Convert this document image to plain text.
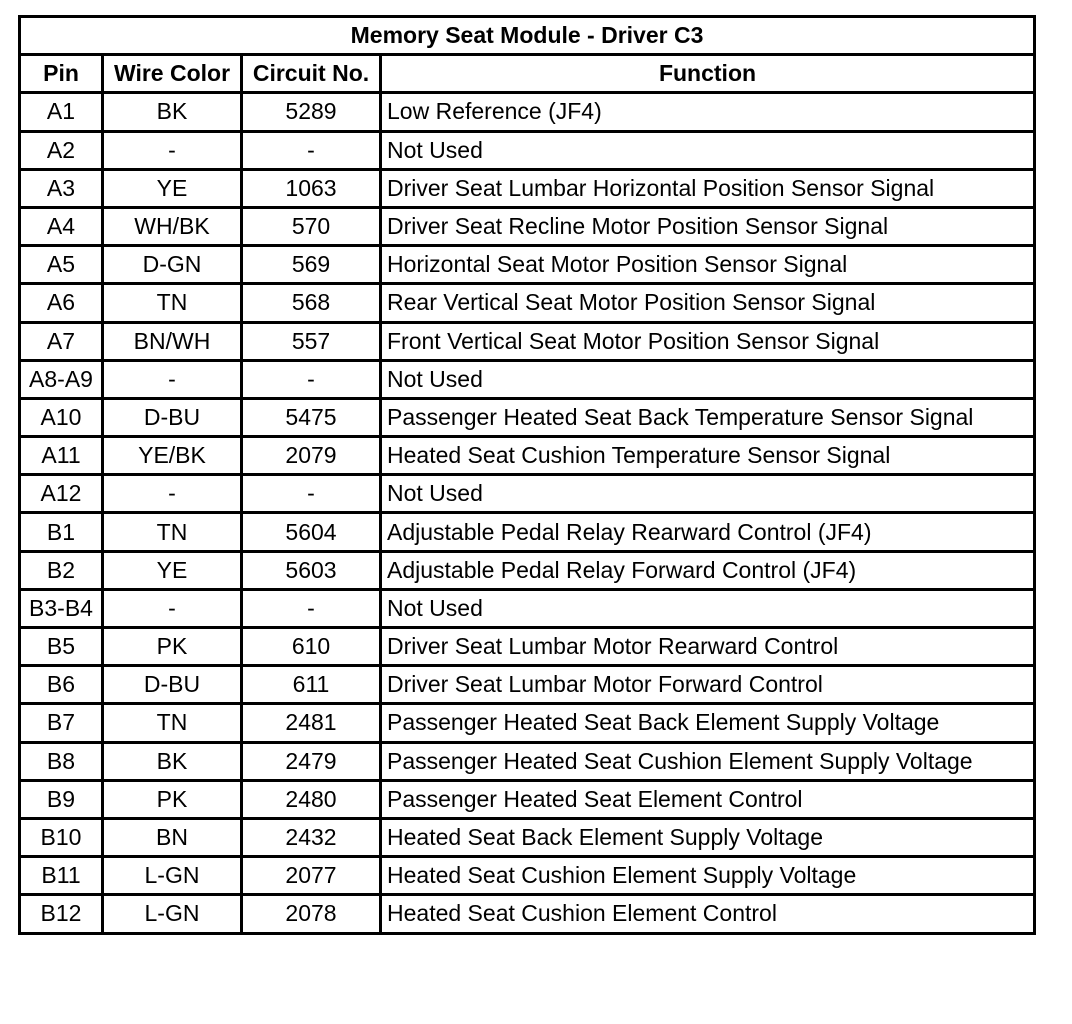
Memory Seat Module - Driver C3			
Pin	Wire Color	Circuit No.	Function
A1	BK	5289	Low Reference (JF4)
A2	-	-	Not Used
A3	YE	1063	Driver Seat Lumbar Horizontal Position Sensor Signal
A4	WH/BK	570	Driver Seat Recline Motor Position Sensor Signal
A5	D-GN	569	Horizontal Seat Motor Position Sensor Signal
A6	TN	568	Rear Vertical Seat Motor Position Sensor Signal
A7	BN/WH	557	Front Vertical Seat Motor Position Sensor Signal
A8-A9	-	-	Not Used
A10	D-BU	5475	Passenger Heated Seat Back Temperature Sensor Signal
A11	YE/BK	2079	Heated Seat Cushion Temperature Sensor Signal
A12	-	-	Not Used
B1	TN	5604	Adjustable Pedal Relay Rearward Control (JF4)
B2	YE	5603	Adjustable Pedal Relay Forward Control (JF4)
B3-B4	-	-	Not Used
B5	PK	610	Driver Seat Lumbar Motor Rearward Control
B6	D-BU	611	Driver Seat Lumbar Motor Forward Control
B7	TN	2481	Passenger Heated Seat Back Element Supply Voltage
B8	BK	2479	Passenger Heated Seat Cushion Element Supply Voltage
B9	PK	2480	Passenger Heated Seat Element Control
B10	BN	2432	Heated Seat Back Element Supply Voltage
B11	L-GN	2077	Heated Seat Cushion Element Supply Voltage
B12	L-GN	2078	Heated Seat Cushion Element Control
